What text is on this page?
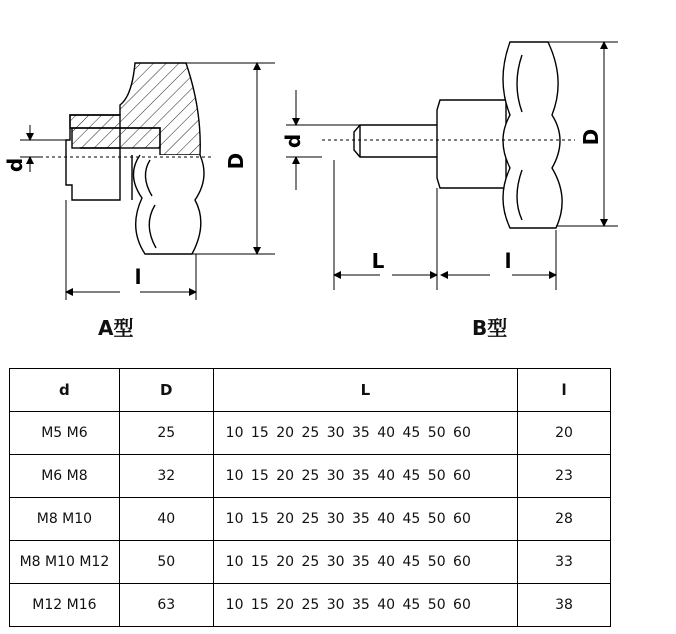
D
d
l
D
d
L	l
A型	B型
d	D	L	l
M5 M6	25	10 15 20 25 30 35 40 45 50 60	20
M6 M8	32	10 15 20 25 30 35 40 45 50 60	23
M8 M10	40	10 15 20 25 30 35 40 45 50 60	28
M8 M10 M12	50	10 15 20 25 30 35 40 45 50 60	33
M12 M16	63	10 15 20 25 30 35 40 45 50 60	38
